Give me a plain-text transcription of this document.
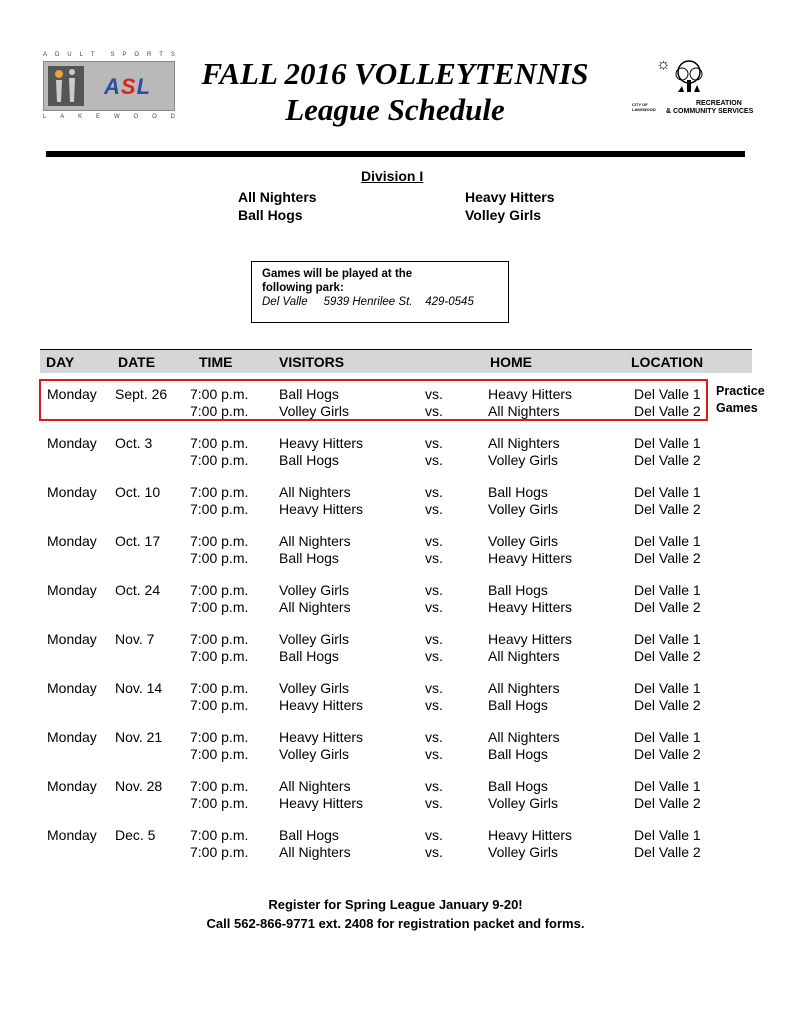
A D U L T	S P O R T S
ASL
L A K E W O O D
FALL 2016 VOLLEYTENNIS
League Schedule
☼
CITY OF LAKEWOOD
RECREATION
& COMMUNITY SERVICES
Division I
All Nighters
Ball Hogs
Heavy Hitters
Volley Girls
Games will be played at the
following park:
Del Valle 5939 Henrilee St. 429-0545
DAY	DATE	TIME	VISITORS	HOME	LOCATION
Practice
Games
Monday Sept. 26 7:00 p.m. Ball Hogs	vs.	Heavy Hitters	Del Valle 1
7:00 p.m. Volley Girls	vs.	All Nighters	Del Valle 2
Monday Oct. 3	7:00 p.m. Heavy Hitters	vs.	All Nighters	Del Valle 1
7:00 p.m. Ball Hogs	vs.	Volley Girls	Del Valle 2
Monday Oct. 10 7:00 p.m. All Nighters	vs.	Ball Hogs	Del Valle 1
7:00 p.m. Heavy Hitters	vs.	Volley Girls	Del Valle 2
Monday Oct. 17 7:00 p.m. All Nighters	vs.	Volley Girls	Del Valle 1
7:00 p.m. Ball Hogs	vs.	Heavy Hitters	Del Valle 2
Monday Oct. 24 7:00 p.m. Volley Girls	vs.	Ball Hogs	Del Valle 1
7:00 p.m. All Nighters	vs.	Heavy Hitters	Del Valle 2
Monday Nov. 7	7:00 p.m. Volley Girls	vs.	Heavy Hitters	Del Valle 1
7:00 p.m. Ball Hogs	vs.	All Nighters	Del Valle 2
Monday Nov. 14 7:00 p.m. Volley Girls	vs.	All Nighters	Del Valle 1
7:00 p.m. Heavy Hitters	vs.	Ball Hogs	Del Valle 2
Monday Nov. 21 7:00 p.m. Heavy Hitters	vs.	All Nighters	Del Valle 1
7:00 p.m. Volley Girls	vs.	Ball Hogs	Del Valle 2
Monday Nov. 28 7:00 p.m. All Nighters	vs.	Ball Hogs	Del Valle 1
7:00 p.m. Heavy Hitters	vs.	Volley Girls	Del Valle 2
Monday Dec. 5 7:00 p.m. Ball Hogs	vs.	Heavy Hitters	Del Valle 1
7:00 p.m. All Nighters	vs.	Volley Girls	Del Valle 2
Register for Spring League January 9-20!
Call 562-866-9771 ext. 2408 for registration packet and forms.
